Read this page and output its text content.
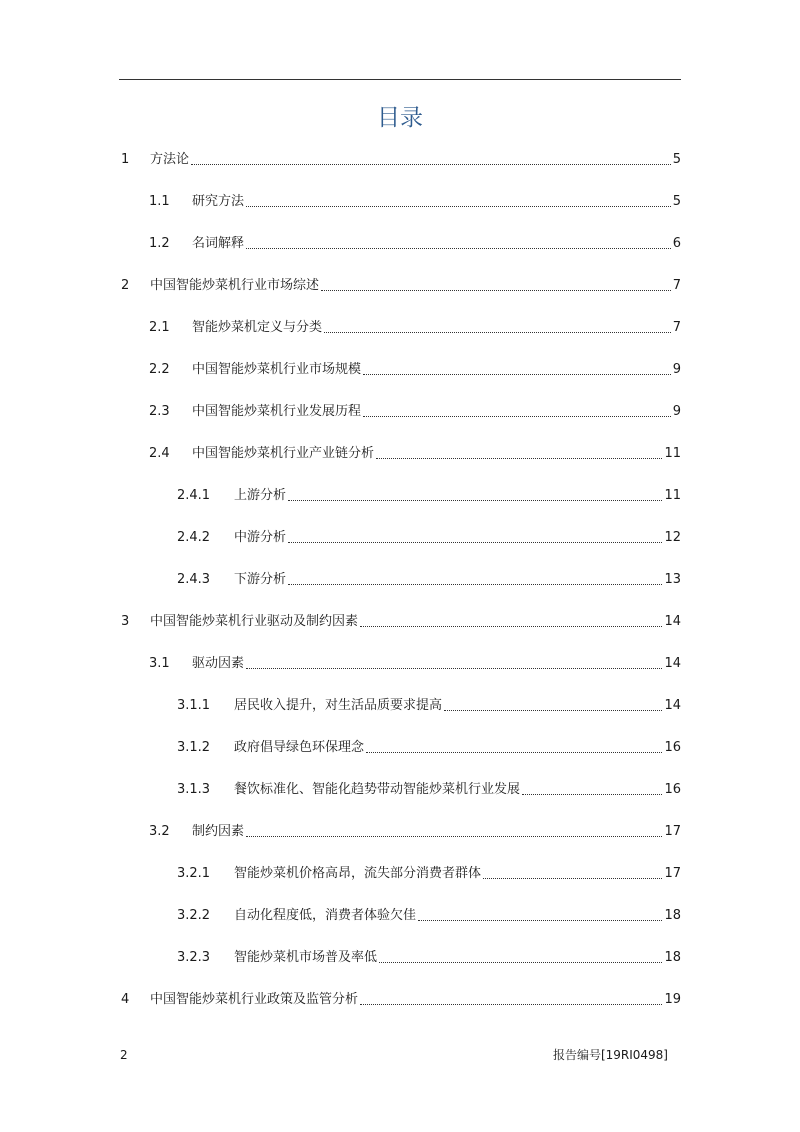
目录
1	方法论	5
1.1	研究方法	5
1.2	名词解释	6
2	中国智能炒菜机行业市场综述	7
2.1	智能炒菜机定义与分类	7
2.2	中国智能炒菜机行业市场规模	9
2.3	中国智能炒菜机行业发展历程	9
2.4	中国智能炒菜机行业产业链分析	11
2.4.1	上游分析	11
2.4.2	中游分析	12
2.4.3	下游分析	13
3	中国智能炒菜机行业驱动及制约因素	14
3.1	驱动因素	14
3.1.1	居民收入提升，对生活品质要求提高	14
3.1.2	政府倡导绿色环保理念	16
3.1.3	餐饮标准化、智能化趋势带动智能炒菜机行业发展	16
3.2	制约因素	17
3.2.1	智能炒菜机价格高昂，流失部分消费者群体	17
3.2.2	自动化程度低，消费者体验欠佳	18
3.2.3	智能炒菜机市场普及率低	18
4	中国智能炒菜机行业政策及监管分析	19
2	报告编号[19RI0498]
